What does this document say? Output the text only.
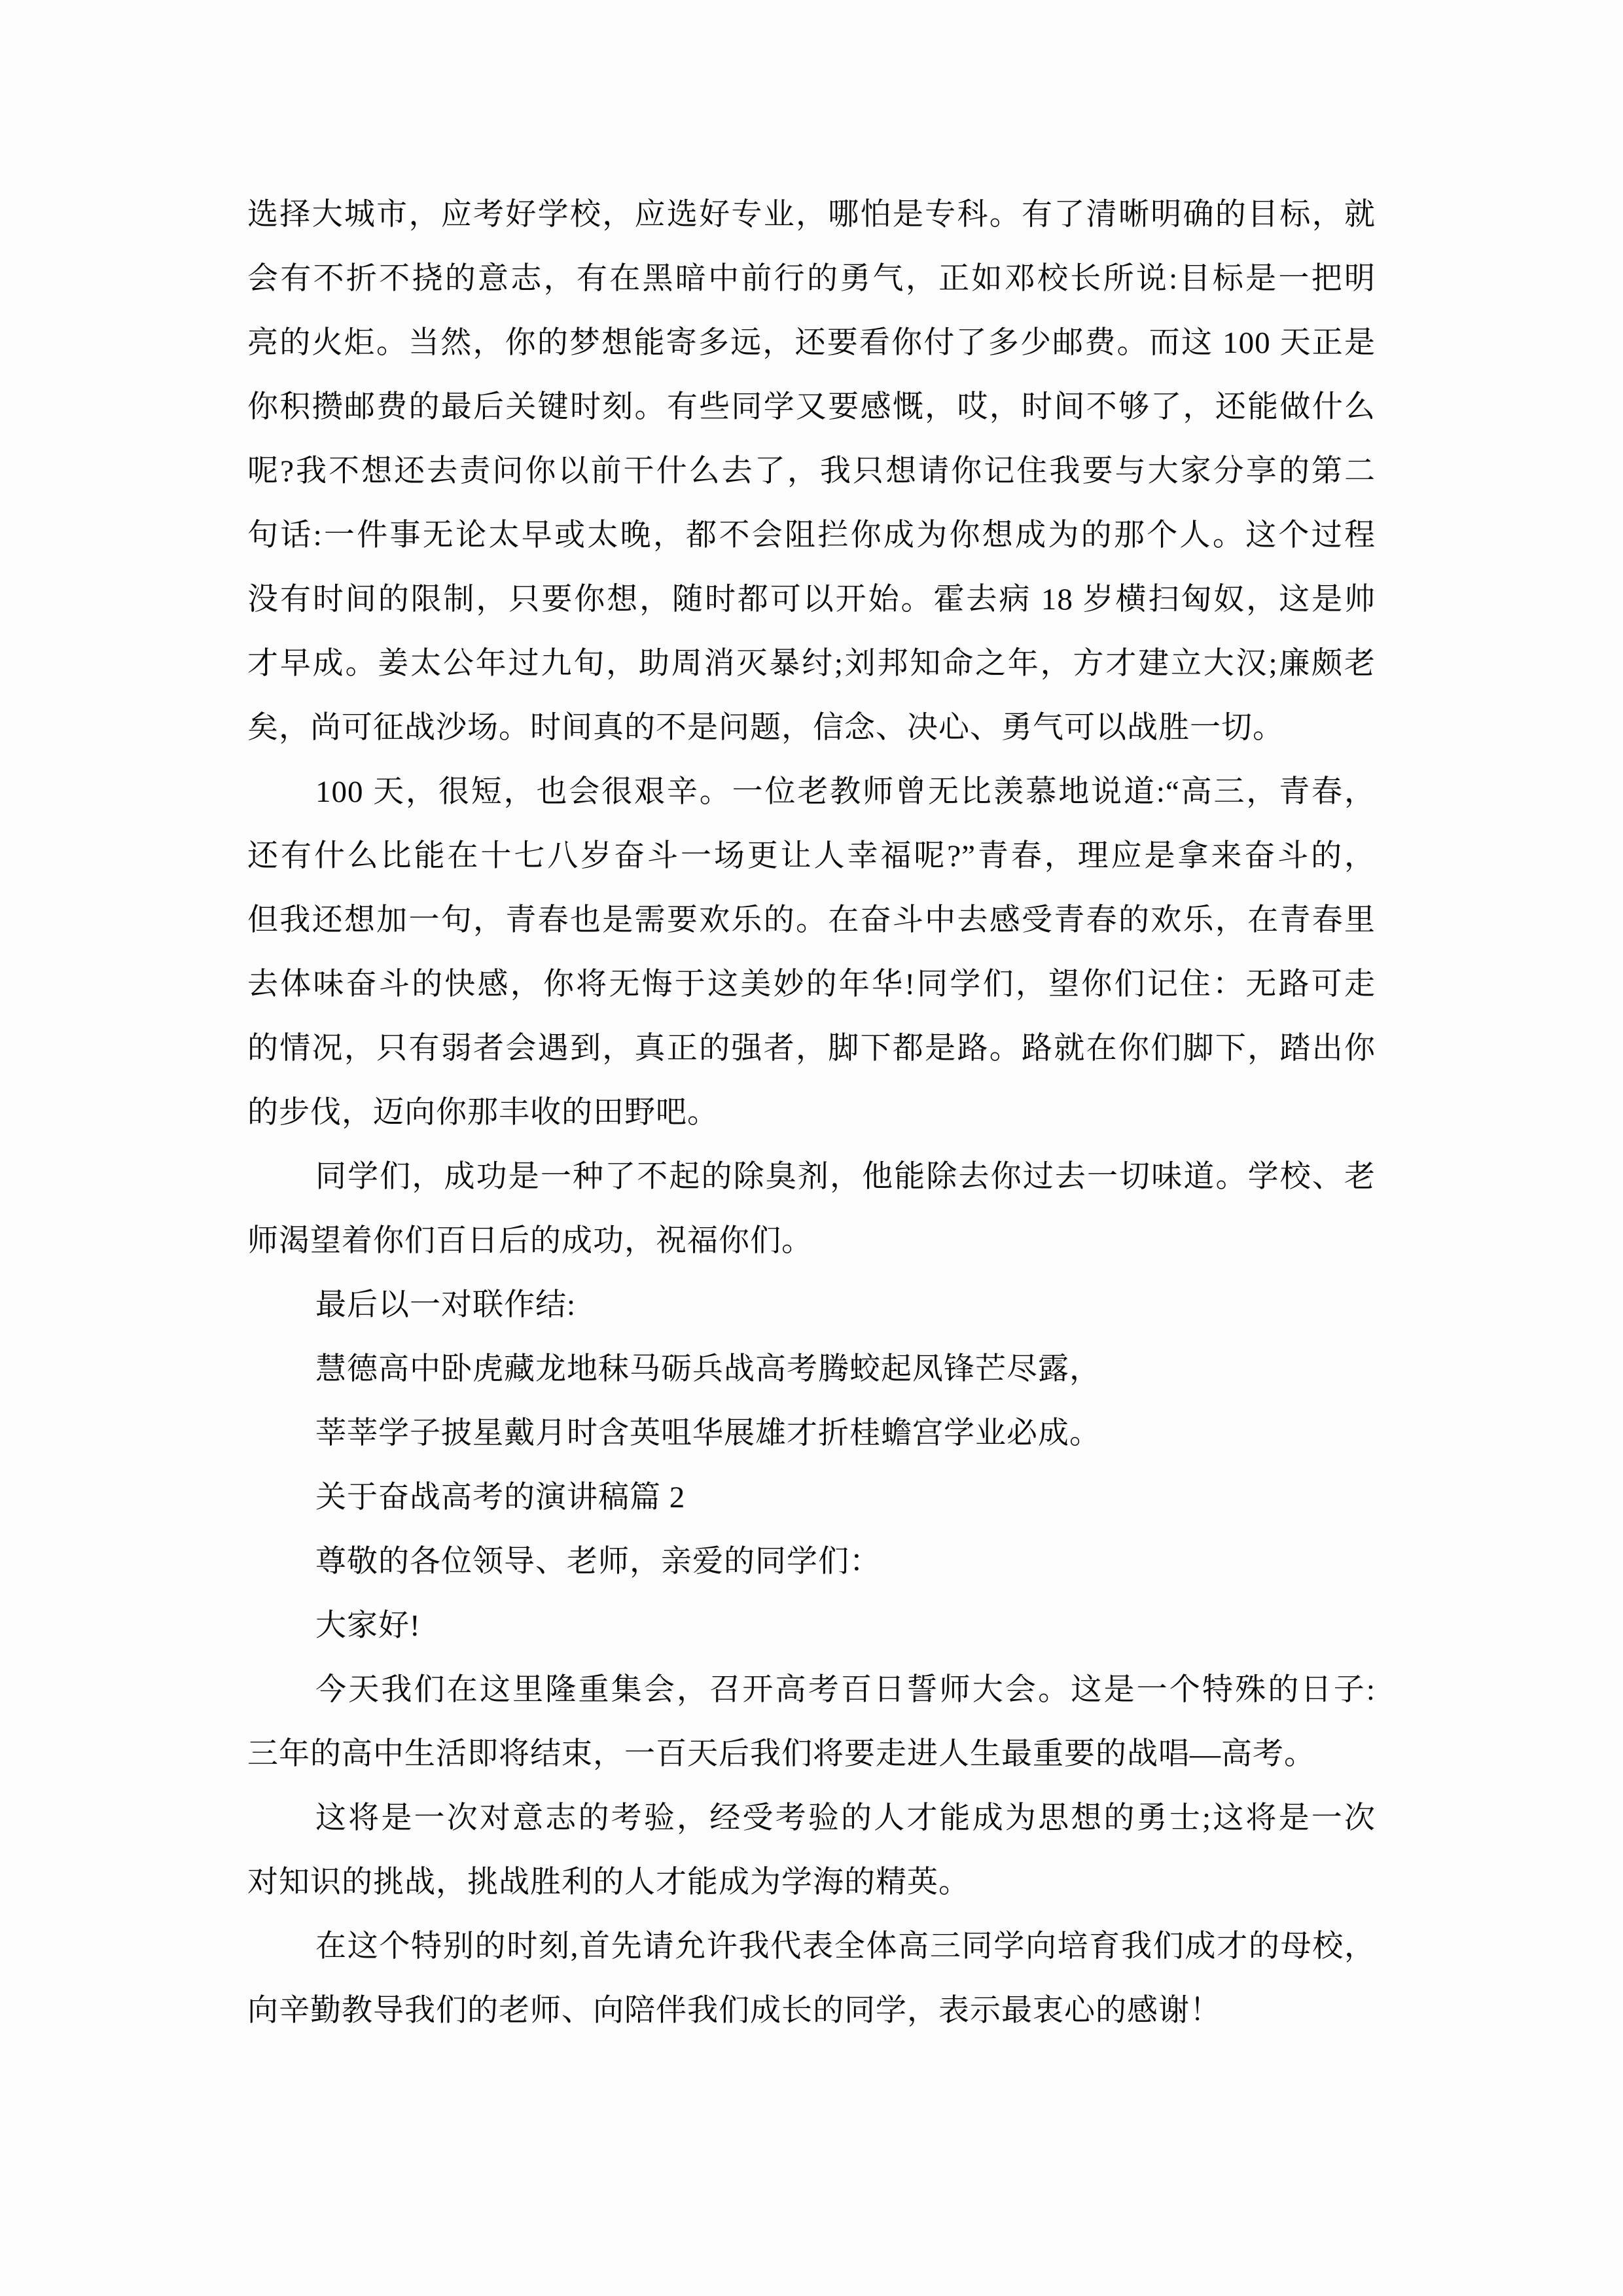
选择大城市，应考好学校，应选好专业，哪怕是专科。有了清晰明确的目标，就
会有不折不挠的意志，有在黑暗中前行的勇气，正如邓校长所说:目标是一把明
亮的火炬。当然，你的梦想能寄多远，还要看你付了多少邮费。而这 100 天正是
你积攒邮费的最后关键时刻。有些同学又要感慨，哎，时间不够了，还能做什么
呢?我不想还去责问你以前干什么去了，我只想请你记住我要与大家分享的第二
句话:一件事无论太早或太晚，都不会阻拦你成为你想成为的那个人。这个过程
没有时间的限制，只要你想，随时都可以开始。霍去病 18 岁横扫匈奴，这是帅
才早成。姜太公年过九旬，助周消灭暴纣;刘邦知命之年，方才建立大汉;廉颇老
矣，尚可征战沙场。时间真的不是问题，信念、决心、勇气可以战胜一切。
100 天，很短，也会很艰辛。一位老教师曾无比羡慕地说道:“高三，青春，
还有什么比能在十七八岁奋斗一场更让人幸福呢?”青春，理应是拿来奋斗的，
但我还想加一句，青春也是需要欢乐的。在奋斗中去感受青春的欢乐，在青春里
去体味奋斗的快感，你将无悔于这美妙的年华!同学们，望你们记住：无路可走
的情况，只有弱者会遇到，真正的强者，脚下都是路。路就在你们脚下，踏出你
的步伐，迈向你那丰收的田野吧。
同学们，成功是一种了不起的除臭剂，他能除去你过去一切味道。学校、老
师渴望着你们百日后的成功，祝福你们。
最后以一对联作结:
慧德高中卧虎藏龙地秣马砺兵战高考腾蛟起凤锋芒尽露，
莘莘学子披星戴月时含英咀华展雄才折桂蟾宫学业必成。
关于奋战高考的演讲稿篇 2
尊敬的各位领导、老师，亲爱的同学们：
大家好!
今天我们在这里隆重集会，召开高考百日誓师大会。这是一个特殊的日子:
三年的高中生活即将结束，一百天后我们将要走进人生最重要的战唱—高考。
这将是一次对意志的考验，经受考验的人才能成为思想的勇士;这将是一次
对知识的挑战，挑战胜利的人才能成为学海的精英。
在这个特别的时刻,首先请允许我代表全体高三同学向培育我们成才的母校，
向辛勤教导我们的老师、向陪伴我们成长的同学，表示最衷心的感谢！
